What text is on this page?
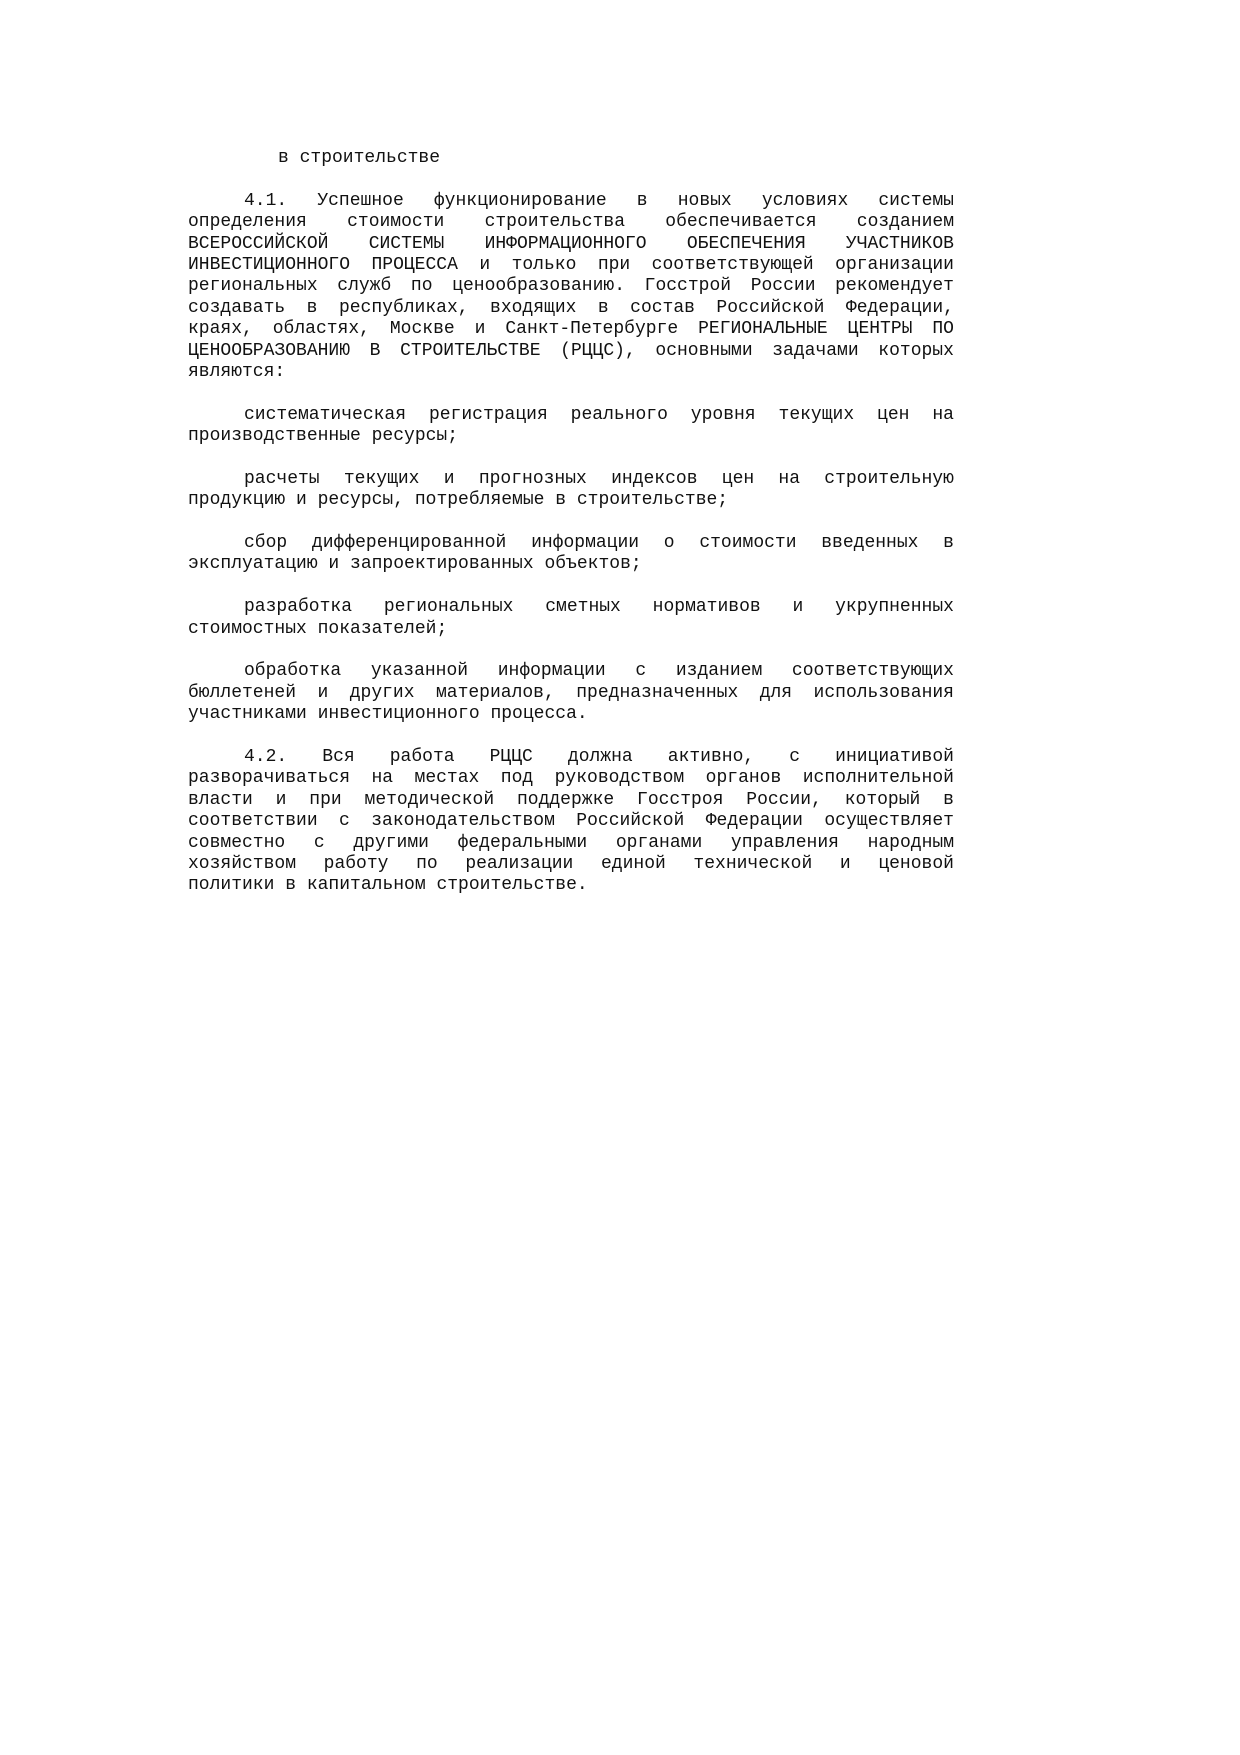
в строительстве
4.1. Успешное функционирование в новых условиях системы
определения стоимости строительства обеспечивается созданием
ВСЕРОССИЙСКОЙ СИСТЕМЫ ИНФОРМАЦИОННОГО ОБЕСПЕЧЕНИЯ УЧАСТНИКОВ
ИНВЕСТИЦИОННОГО ПРОЦЕССА и только при соответствующей организации
региональных служб по ценообразованию. Госстрой России рекомендует
создавать в республиках, входящих в состав Российской Федерации,
краях, областях, Москве и Санкт-Петербурге РЕГИОНАЛЬНЫЕ ЦЕНТРЫ ПО
ЦЕНООБРАЗОВАНИЮ В СТРОИТЕЛЬСТВЕ (РЦЦС), основными задачами которых
являются:
систематическая регистрация реального уровня текущих цен на
производственные ресурсы;
расчеты текущих и прогнозных индексов цен на строительную
продукцию и ресурсы, потребляемые в строительстве;
сбор дифференцированной информации о стоимости введенных в
эксплуатацию и запроектированных объектов;
разработка региональных сметных нормативов и укрупненных
стоимостных показателей;
обработка указанной информации с изданием соответствующих
бюллетеней и других материалов, предназначенных для использования
участниками инвестиционного процесса.
4.2. Вся работа РЦЦС должна активно, с инициативой
разворачиваться на местах под руководством органов исполнительной
власти и при методической поддержке Госстроя России, который в
соответствии с законодательством Российской Федерации осуществляет
совместно с другими федеральными органами управления народным
хозяйством работу по реализации единой технической и ценовой
политики в капитальном строительстве.
